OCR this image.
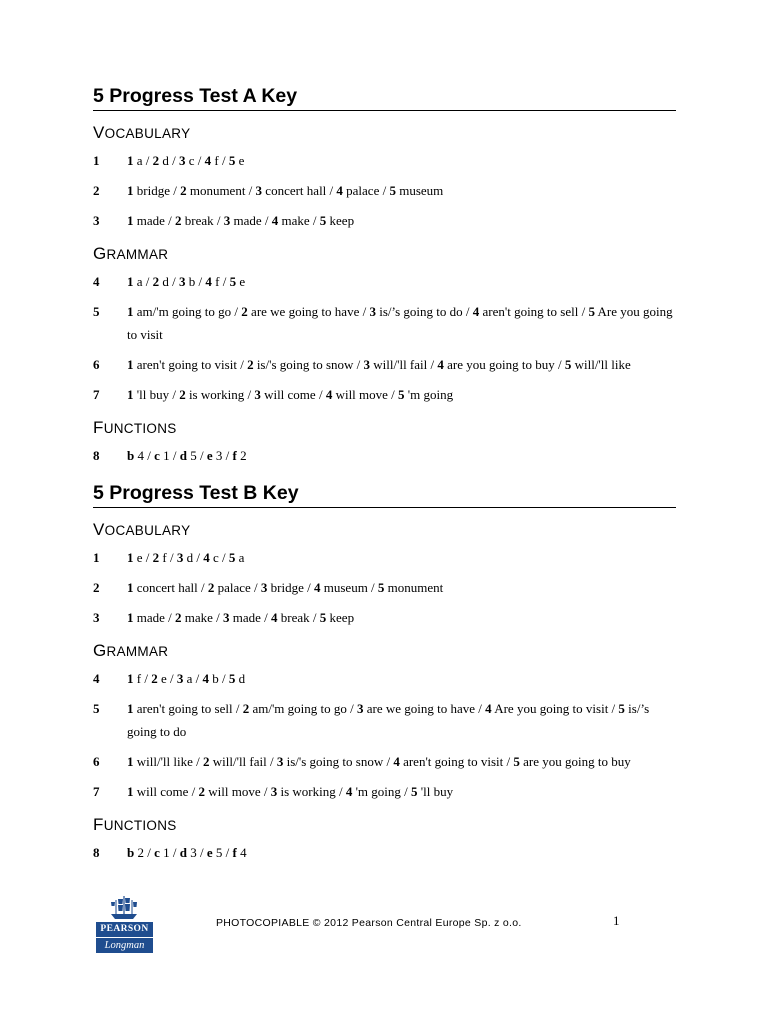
5 Progress Test A Key
VOCABULARY
1	1 a / 2 d / 3 c / 4 f / 5 e
2	1 bridge / 2 monument / 3 concert hall / 4 palace / 5 museum
3	1 made / 2 break / 3 made / 4 make / 5 keep
GRAMMAR
4	1 a / 2 d / 3 b / 4 f / 5 e
5	1 am/'m going to go / 2 are we going to have / 3 is/’s going to do / 4 aren't going to sell / 5 Are you going to visit
6	1 aren't going to visit / 2 is/'s going to snow / 3 will/'ll fail / 4 are you going to buy / 5 will/'ll like
7	1 'll buy / 2 is working / 3 will come / 4 will move / 5 'm going
FUNCTIONS
8	b 4 / c 1 / d 5 / e 3 / f 2
5 Progress Test B Key
VOCABULARY
1	1 e / 2 f / 3 d / 4 c / 5 a
2	1 concert hall / 2 palace / 3 bridge / 4 museum / 5 monument
3	1 made / 2 make / 3 made / 4 break / 5 keep
GRAMMAR
4	1 f / 2 e / 3 a / 4 b / 5 d
5	1 aren't going to sell / 2 am/'m going to go / 3 are we going to have / 4 Are you going to visit / 5 is/’s going to do
6	1 will/'ll like / 2 will/'ll fail / 3 is/'s going to snow / 4 aren't going to visit / 5 are you going to buy
7	1 will come / 2 will move / 3 is working / 4 'm going / 5 'll buy
FUNCTIONS
8	b 2 / c 1 / d 3 / e 5 / f 4
PEARSON
Longman
PHOTOCOPIABLE © 2012 Pearson Central Europe Sp. z o.o.	1
